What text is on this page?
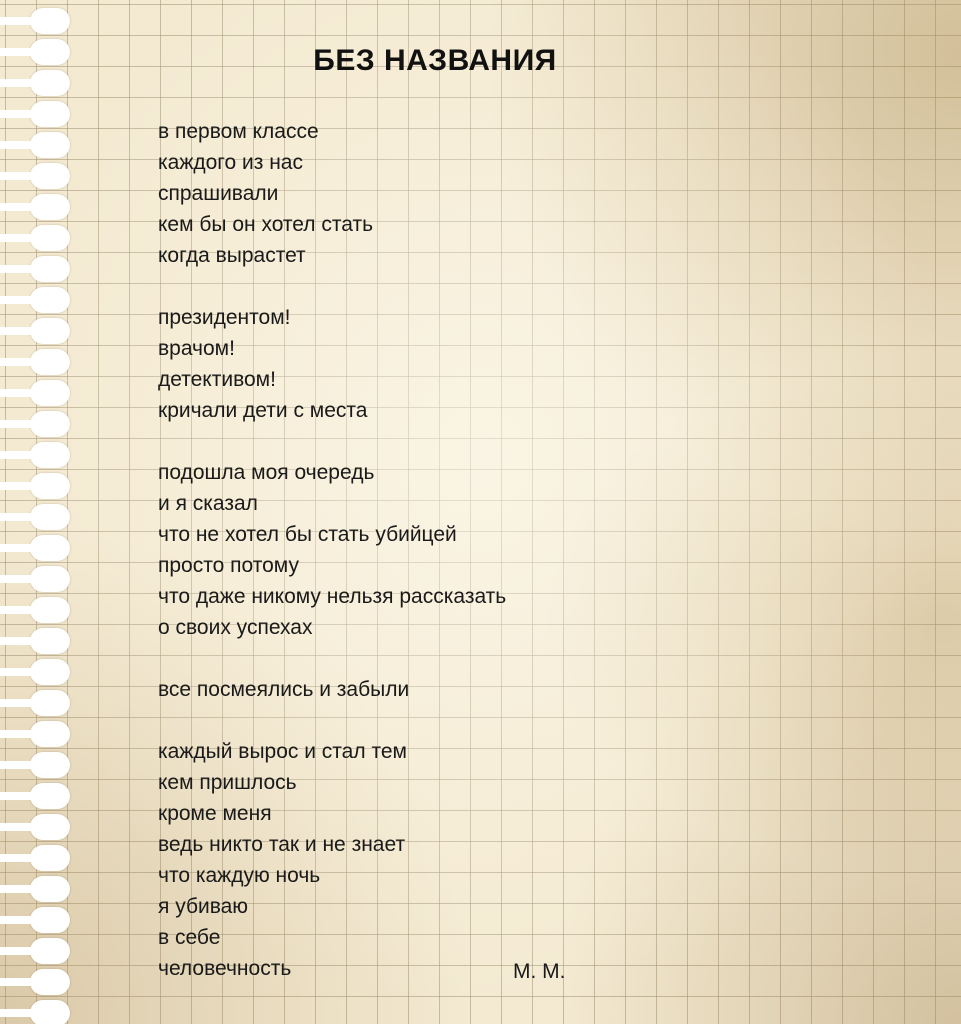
БЕЗ НАЗВАНИЯ
в первом классе
каждого из нас
спрашивали
кем бы он хотел стать
когда вырастет
президентом!
врачом!
детективом!
кричали дети с места
подошла моя очередь
и я сказал
что не хотел бы стать убийцей
просто потому
что даже никому нельзя рассказать
о своих успехах
все посмеялись и забыли
каждый вырос и стал тем
кем пришлось
кроме меня
ведь никто так и не знает
что каждую ночь
я убиваю
в себе
человечность	М. М.
